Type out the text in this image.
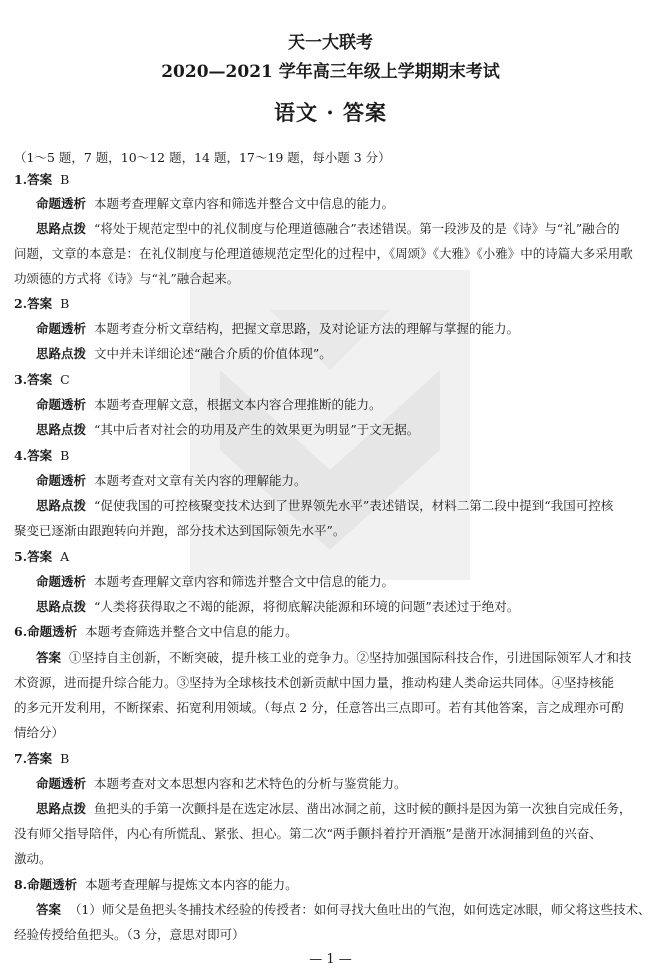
天一大联考
2020—2021 学年高三年级上学期期末考试
语文 · 答案
（1～5 题，7 题，10～12 题，14 题，17～19 题，每小题 3 分）
1.答案 B
命题透析 本题考查理解文章内容和筛选并整合文中信息的能力。
思路点拨 “将处于规范定型中的礼仪制度与伦理道德融合”表述错误。第一段涉及的是《诗》与“礼”融合的
问题，文章的本意是：在礼仪制度与伦理道德规范定型化的过程中，《周颂》《大雅》《小雅》中的诗篇大多采用歌
功颂德的方式将《诗》与“礼”融合起来。
2.答案 B
命题透析 本题考查分析文章结构，把握文章思路，及对论证方法的理解与掌握的能力。
思路点拨 文中并未详细论述“融合介质的价值体现”。
3.答案 C
命题透析 本题考查理解文意，根据文本内容合理推断的能力。
思路点拨 “其中后者对社会的功用及产生的效果更为明显”于文无据。
4.答案 B
命题透析 本题考查对文章有关内容的理解能力。
思路点拨 “促使我国的可控核聚变技术达到了世界领先水平”表述错误，材料二第二段中提到“我国可控核
聚变已逐渐由跟跑转向并跑，部分技术达到国际领先水平”。
5.答案 A
命题透析 本题考查理解文章内容和筛选并整合文中信息的能力。
思路点拨 “人类将获得取之不竭的能源，将彻底解决能源和环境的问题”表述过于绝对。
6.命题透析 本题考查筛选并整合文中信息的能力。
答案 ①坚持自主创新，不断突破，提升核工业的竞争力。②坚持加强国际科技合作，引进国际领军人才和技
术资源，进而提升综合能力。③坚持为全球核技术创新贡献中国力量，推动构建人类命运共同体。④坚持核能
的多元开发利用，不断探索、拓宽利用领域。（每点 2 分，任意答出三点即可。若有其他答案，言之成理亦可酌
情给分）
7.答案 B
命题透析 本题考查对文本思想内容和艺术特色的分析与鉴赏能力。
思路点拨 鱼把头的手第一次颤抖是在选定冰层、凿出冰洞之前，这时候的颤抖是因为第一次独自完成任务，
没有师父指导陪伴，内心有所慌乱、紧张、担心。第二次“两手颤抖着拧开酒瓶”是凿开冰洞捕到鱼的兴奋、
激动。
8.命题透析 本题考查理解与提炼文本内容的能力。
答案 （1）师父是鱼把头冬捕技术经验的传授者：如何寻找大鱼吐出的气泡，如何选定冰眼，师父将这些技术、
经验传授给鱼把头。（3 分，意思对即可）
— 1 —
